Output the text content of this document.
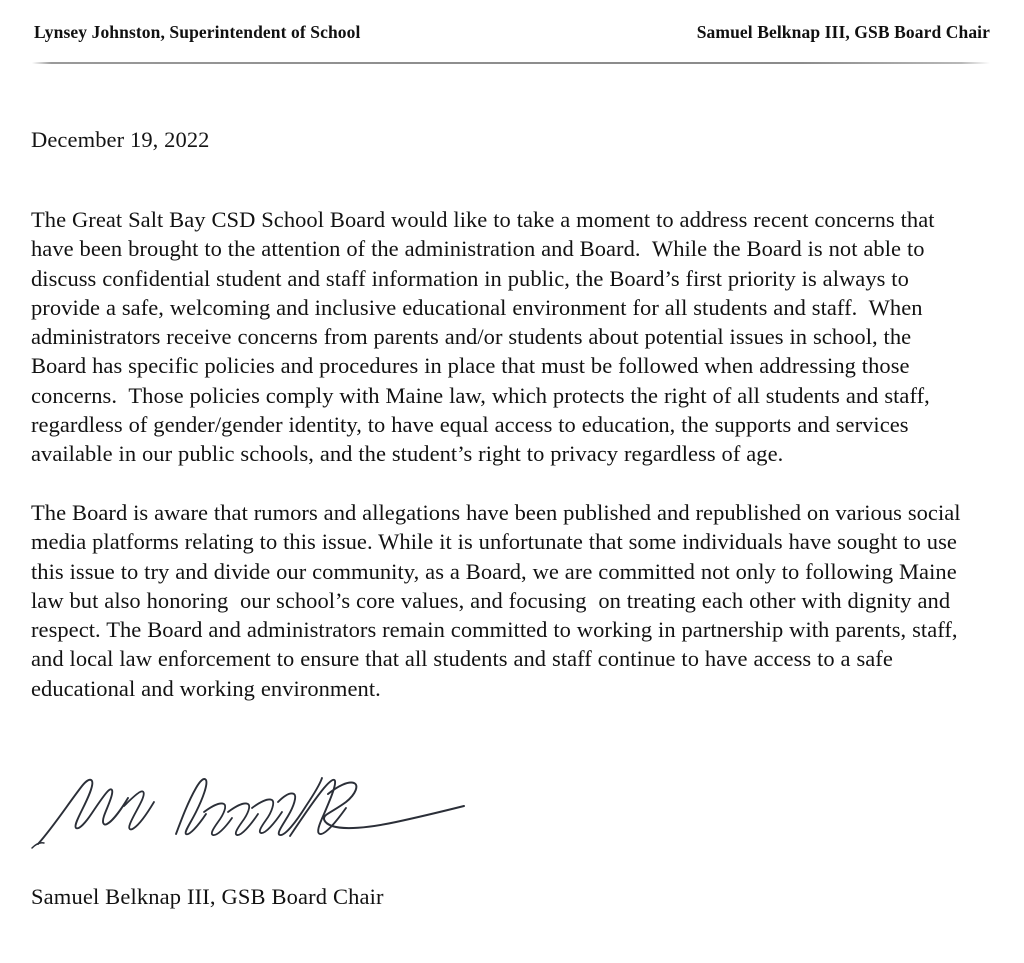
Lynsey Johnston, Superintendent of School	Samuel Belknap III, GSB Board Chair
December 19, 2022

The Great Salt Bay CSD School Board would like to take a moment to address recent concerns that have been brought to the attention of the administration and Board.  While the Board is not able to discuss confidential student and staff information in public, the Board’s first priority is always to provide a safe, welcoming and inclusive educational environment for all students and staff.  When administrators receive concerns from parents and/or students about potential issues in school, the Board has specific policies and procedures in place that must be followed when addressing those concerns.  Those policies comply with Maine law, which protects the right of all students and staff, regardless of gender/gender identity, to have equal access to education, the supports and services available in our public schools, and the student’s right to privacy regardless of age.

The Board is aware that rumors and allegations have been published and republished on various social media platforms relating to this issue. While it is unfortunate that some individuals have sought to use this issue to try and divide our community, as a Board, we are committed not only to following Maine law but also honoring  our school’s core values, and focusing  on treating each other with dignity and respect. The Board and administrators remain committed to working in partnership with parents, staff, and local law enforcement to ensure that all students and staff continue to have access to a safe educational and working environment.

Samuel Belknap III, GSB Board Chair
